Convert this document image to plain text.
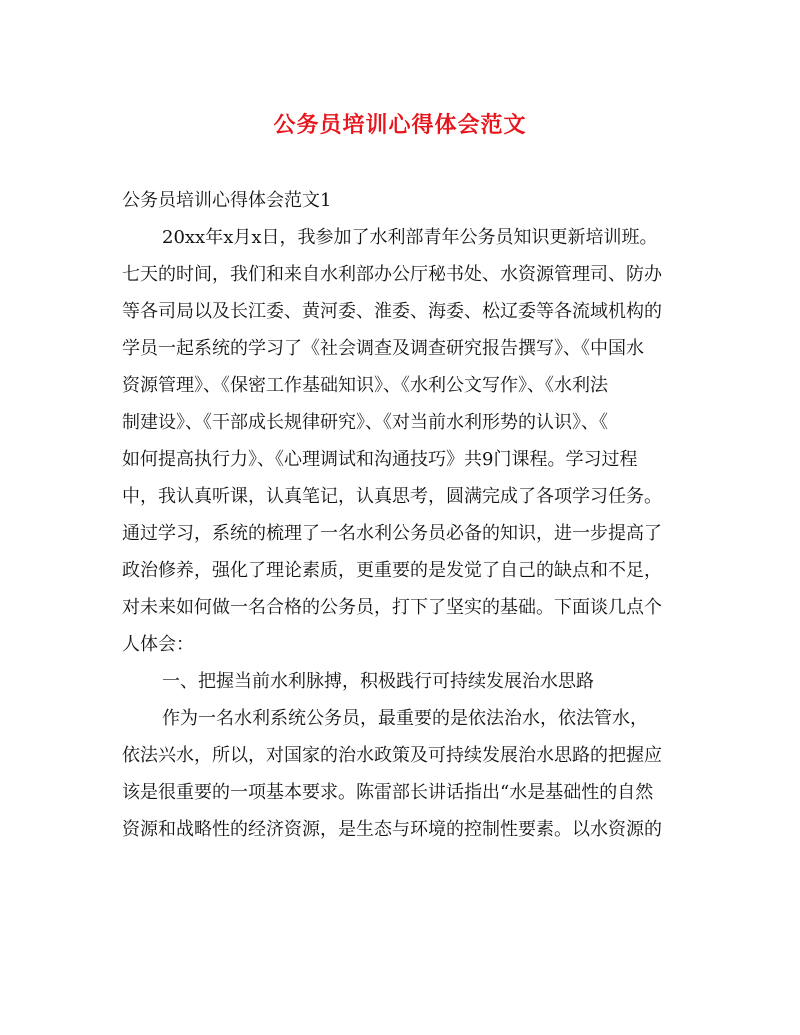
公务员培训心得体会范文
公务员培训心得体会范文1
20xx年x月x日，我参加了水利部青年公务员知识更新培训班。
七天的时间，我们和来自水利部办公厅秘书处、水资源管理司、防办
等各司局以及长江委、黄河委、淮委、海委、松辽委等各流域机构的
学员一起系统的学习了《社会调查及调查研究报告撰写》、《中国水
资源管理》、《保密工作基础知识》、《水利公文写作》、《水利法
制建设》、《干部成长规律研究》、《对当前水利形势的认识》、《
如何提高执行力》、《心理调试和沟通技巧》共9门课程。学习过程
中，我认真听课，认真笔记，认真思考，圆满完成了各项学习任务。
通过学习，系统的梳理了一名水利公务员必备的知识，进一步提高了
政治修养，强化了理论素质，更重要的是发觉了自己的缺点和不足，
对未来如何做一名合格的公务员，打下了坚实的基础。下面谈几点个
人体会：
一、把握当前水利脉搏，积极践行可持续发展治水思路
作为一名水利系统公务员，最重要的是依法治水，依法管水，
依法兴水，所以，对国家的治水政策及可持续发展治水思路的把握应
该是很重要的一项基本要求。陈雷部长讲话指出“水是基础性的自然
资源和战略性的经济资源，是生态与环境的控制性要素。以水资源的
